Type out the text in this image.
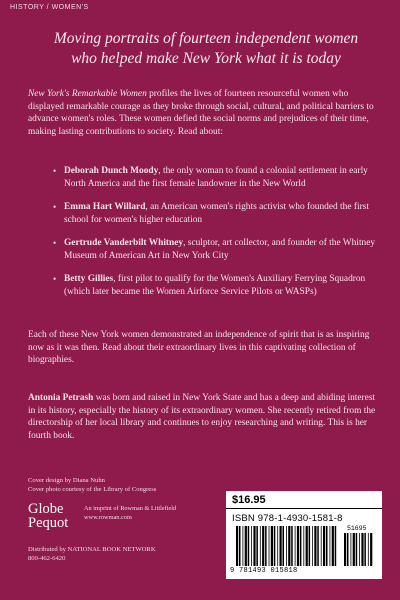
HISTORY / WOMEN'S
Moving portraits of fourteen independent women
who helped make New York what it is today
New York's Remarkable Women profiles the lives of fourteen resourceful women who displayed remarkable courage as they broke through social, cultural, and political barriers to advance women's roles. These women defied the social norms and prejudices of their time, making lasting contributions to society. Read about:
• Deborah Dunch Moody, the only woman to found a colonial settlement in early North America and the first female landowner in the New World
• Emma Hart Willard, an American women's rights activist who founded the first school for women's higher education
• Gertrude Vanderbilt Whitney, sculptor, art collector, and founder of the Whitney Museum of American Art in New York City
• Betty Gillies, first pilot to qualify for the Women's Auxiliary Ferrying Squadron (which later became the Women Airforce Service Pilots or WASPs)
Each of these New York women demonstrated an independence of spirit that is as inspiring now as it was then. Read about their extraordinary lives in this captivating collection of biographies.
Antonia Petrash was born and raised in New York State and has a deep and abiding interest in its history, especially the history of its extraordinary women. She recently retired from the directorship of her local library and continues to enjoy researching and writing. This is her fourth book.
Cover design by Diana Nuhn
Cover photo courtesy of the Library of Congress
Globe
Pequot
An imprint of Rowman & Littlefield
www.rowman.com
Distributed by NATIONAL BOOK NETWORK
800-462-6420
$16.95
ISBN 978-1-4930-1581-8
51695
9 781493 015818
